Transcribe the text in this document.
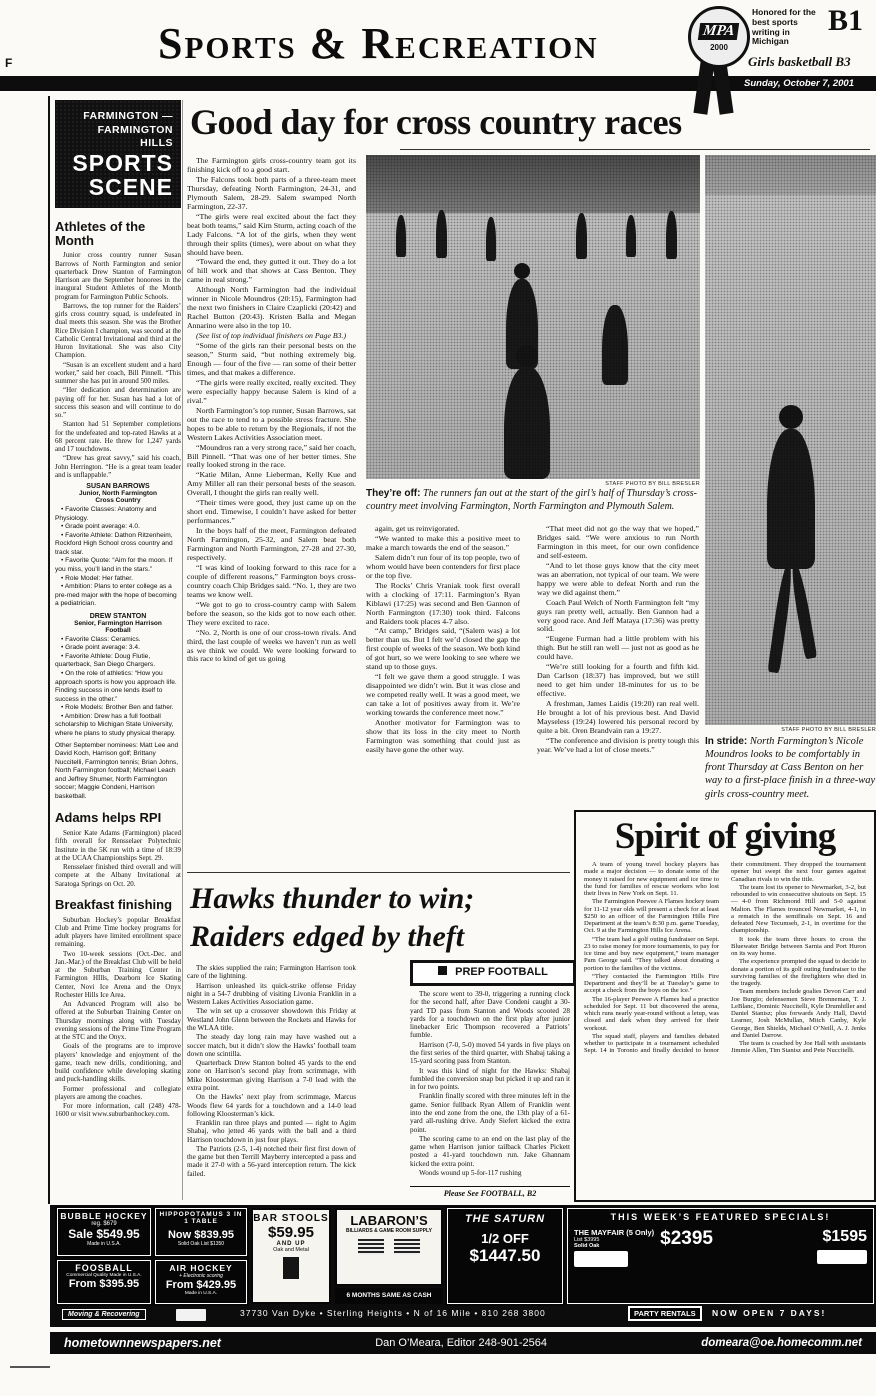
F	Sports & Recreation	MPA
2000
Honored for the best sports writing in Michigan
B1
Girls basketball B3
Sunday, October 7, 2001
FARMINGTON —
FARMINGTON HILLS
SPORTS
SCENE
Athletes of the Month

Junior cross country runner Susan Barrows of North Farmington and senior quarterback Drew Stanton of Farmington Harrison are the September honorees in the inaugural Student Athletes of the Month program for Farmington Public Schools.

Barrows, the top runner for the Raiders’ girls cross country squad, is undefeated in dual meets this season. She was the Brother Rice Division I champion, was second at the Catholic Central Invitational and third at the Huron Invitational. She was also City Champion.

“Susan is an excellent student and a hard worker,” said her coach, Bill Pinnell. “This summer she has put in around 500 miles.

“Her dedication and determination are paying off for her. Susan has had a lot of success this season and will continue to do so.”

Stanton had 51 September completions for the undefeated and top-rated Hawks at a 68 percent rate. He threw for 1,247 yards and 17 touchdowns.

“Drew has great savvy,” said his coach, John Herrington. “He is a great team leader and is unflappable.”

SUSAN BARROWS
Junior, North Farmington
Cross Country

• Favorite Classes: Anatomy and Physiology.

• Grade point average: 4.0.

• Favorite Athlete: Dathon Ritzenheim, Rockford High School cross country and track star.

• Favorite Quote: “Aim for the moon. If you miss, you’ll land in the stars.”

• Role Model: Her father.

• Ambition: Plans to enter college as a pre-med major with the hope of becoming a pediatrician.

DREW STANTON
Senior, Farmington Harrison
Football

• Favorite Class: Ceramics.

• Grade point average: 3.4.

• Favorite Athlete: Doug Flutie, quarterback, San Diego Chargers.

• On the role of athletics: “How you approach sports is how you approach life. Finding success in one lends itself to success in the other.”

• Role Models: Brother Ben and father.

• Ambition: Drew has a full football scholarship to Michigan State University, where he plans to study physical therapy.

Other September nominees: Matt Lee and David Koch, Harrison golf; Brittany Nuccitelli, Farmington tennis; Brian Johns, North Farmington football; Michael Leach and Jeffrey Shumer, North Farmington soccer; Maggie Condeni, Harrison basketball.
Adams helps RPI

Senior Kate Adams (Farmington) placed fifth overall for Rensselaer Polytechnic Institute in the 5K run with a time of 18:39 at the UCAA Championships Sept. 29.

Rensselaer finished third overall and will compete at the Albany Invitational at Saratoga Springs on Oct. 20.

Breakfast finishing

Suburban Hockey’s popular Breakfast Club and Prime Time hockey programs for adult players have limited enrollment space remaining.

Two 10-week sessions (Oct.-Dec. and Jan.-Mar.) of the Breakfast Club will be held at the Suburban Training Center in Farmington HIlls, Dearborn Ice Skating Center, Novi Ice Arena and the Onyx Rochester Hills Ice Area.

An Advanced Program will also be offered at the Suburban Training Center on Thursday mornings along with Tuesday evening sessions of the Prime Time Program at the STC and the Onyx.

Goals of the programs are to improve players’ knowledge and enjoyment of the game, teach new drills, conditioning, and build confidence while developing skating and puck-handling skills.

Former professional and collegiate players are among the coaches.

For more information, call (248) 478-1600 or visit www.suburbanhockey.com.

Good day for cross country races

The Farmington girls cross-country team got its finishing kick off to a good start.

The Falcons took both parts of a three-team meet Thursday, defeating North Farmington, 24-31, and Plymouth Salem, 28-29. Salem swamped North Farmington, 22-37.

“The girls were real excited about the fact they beat both teams,” said Kim Sturm, acting coach of the Lady Falcons. “A lot of the girls, when they went through their splits (times), were about on what they should have been.

“Toward the end, they gutted it out. They do a lot of hill work and that shows at Cass Benton. They came in real strong.”

Although North Farmington had the individual winner in Nicole Moundros (20:15), Farmington had the next two finishers in Claire Czaplicki (20:42) and Rachel Button (20:43). Kristen Balla and Megan Annarino were also in the top 10.

(See list of top individual finishers on Page B3.)

“Some of the girls ran their personal bests on the season,” Sturm said, “but nothing extremely big. Enough — four of the five — ran some of their better times, and that makes a difference.

“The girls were really excited, really excited. They were especially happy because Salem is kind of a rival.”

North Farmington’s top runner, Susan Barrows, sat out the race to tend to a possible stress fracture. She hopes to be able to return by the Regionals, if not the Western Lakes Activities Association meet.

“Moundros ran a very strong race,” said her coach, Bill Pinnell. “That was one of her better times. She really looked strong in the race.

“Katie Milan, Anne Lieberman, Kelly Kue and Amy Miller all ran their personal bests of the season. Overall, I thought the girls ran really well.

“Their times were good, they just came up on the short end. Timewise, I couldn’t have asked for better performances.”

In the boys half of the meet, Farmington defeated North Farmington, 25-32, and Salem beat both Farmington and North Farmington, 27-28 and 27-30, respectively.

“I was kind of looking forward to this race for a couple of different reasons,” Farmington boys cross-country coach Chip Bridges said. “No. 1, they are two teams we know well.

“We got to go to cross-country camp with Salem before the season, so the kids got to now each other. They were excited to race.

“No. 2, North is one of our cross-town rivals. And third, the last couple of weeks we haven’t run as well as we think we could. We were looking forward to this race to kind of get us going

STAFF PHOTO BY BILL BRESLER
They’re off: The runners fan out at the start of the girl’s half of Thursday’s cross-country meet involving Farmington, North Farmington and Plymouth Salem.

again, get us reinvigorated.

“We wanted to make this a positive meet to make a march towards the end of the season.”

Salem didn’t run four of its top people, two of whom would have been contenders for first place or the top five.

The Rocks’ Chris Vraniak took first overall with a clocking of 17:11. Farmington’s Ryan Kiblawi (17:25) was second and Ben Gannon of North Farmington (17:30) took third. Falcons and Raiders took places 4-7 also.

“At camp,” Bridges said, “(Salem was) a lot better than us. But I felt we’d closed the gap the first couple of weeks of the season. We both kind of got hurt, so we were looking to see where we stand up to those guys.

“I felt we gave them a good struggle. I was disappointed we didn’t win. But it was close and we competed really well. It was a good meet, we can take a lot of positives away from it. We’re working towards the conference meet now.”

Another motivator for Farmington was to show that its loss in the city meet to North Farmington was something that could just as easily have gone the other way.

“That meet did not go the way that we hoped,” Bridges said. “We were anxious to run North Farmington in this meet, for our own confidence and self-esteem.

“And to let those guys know that the city meet was an aberration, not typical of our team. We were happy we were able to defeat North and run the way we did against them.”

Coach Paul Welch of North Farmington felt “my guys ran pretty well, actually. Ben Gannon had a very good race. And Jeff Mataya (17:36) was pretty solid.

“Eugene Furman had a little problem with his thigh. But he still ran well — just not as good as he could have.

“We’re still looking for a fourth and fifth kid. Dan Carlson (18:37) has improved, but we still need to get him under 18-minutes for us to be effective.

A freshman, James Laidis (19:20) ran real well. He brought a lot of his previous best. And David Mayseless (19:24) lowered his personal record by quite a bit. Oren Brandvain ran a 19:27.

“The conference and division is pretty tough this year. We’ve had a lot of close meets.”

STAFF PHOTO BY BILL BRESLER
In stride: North Farmington’s Nicole Moundros looks to be comfortably in front Thursday at Cass Benton on her way to a first-place finish in a three-way girls cross-country meet.
Hawks thunder to win;
Raiders edged by theft

The skies supplied the rain; Farmington Harrison took care of the lightning.

Harrison unleashed its quick-strike offense Friday night in a 54-7 drubbing of visiting Livonia Franklin in a Western Lakes Activities Association game.

The win set up a crossover showdown this Friday at Westland John Glenn between the Rockets and Hawks for the WLAA title.

The steady day long rain may have washed out a soccer match, but it didn’t slow the Hawks’ football team down one scintilla.

Quarterback Drew Stanton bolted 45 yards to the end zone on Harrison’s second play from scrimmage, with Mike Kloosterman giving Harrison a 7-0 lead with the extra point.

On the Hawks’ next play from scrimmage, Marcus Woods flew 64 yards for a touchdown and a 14-0 lead following Kloosterman’s kick.

Franklin ran three plays and punted — right to Agim Shabaj, who jetted 46 yards with the ball and a third Harrison touchdown in just four plays.

The Patriots (2-5, 1-4) notched their first first down of the game but then Terrill Mayberry intercepted a pass and made it 27-0 with a 56-yard interception return. The kick failed.

PREP FOOTBALL

The score went to 39-0, triggering a running clock for the second half, after Dave Condeni caught a 30-yard TD pass from Stanton and Woods scooted 28 yards for a touchdown on the first play after junior linebacker Eric Thompson recovered a Patriots’ fumble.

Harrison (7-0, 5-0) moved 54 yards in five plays on the first series of the third quarter, with Shabaj taking a 15-yard scoring pass from Stanton.

It was this kind of night for the Hawks: Shabaj fumbled the conversion snap but picked it up and ran it in for two points.

Franklin finally scored with three minutes left in the game. Senior fullback Ryan Allem of Franklin went into the end zone from the one, the 13th play of a 61-yard all-rushing drive. Andy Siefert kicked the extra point.

The scoring came to an end on the last play of the game when Harrison junior tailback Charles Pickett posted a 41-yard touchdown run. Jake Ghannam kicked the extra point.

Woods wound up 5-for-117 rushing

Please See FOOTBALL, B2
Spirit of giving

A team of young travel hockey players has made a major decision — to donate some of the money it raised for new equipment and ice time to the fund for families of rescue workers who lost their lives in New York on Sept. 11.

The Farmington Peewee A Flames hockey team for 11-12 year olds will present a check for at least $250 to an officer of the Farmington Hills Fire Department at the team’s 8:30 p.m. game Tuesday, Oct. 9 at the Farmington Hills Ice Arena.

“The team had a golf outing fundraiser on Sept. 23 to raise money for more tournaments, to pay for ice time and buy new equipment,” team manager Pam George said. “They talked about donating a portion to the families of the victims.

“They contacted the Farmington Hills Fire Department and they’ll be at Tuesday’s game to accept a check from the boys on the ice.”

The 16-player Peewee A Flames had a practice scheduled for Sept. 11 but discovered the arena, which runs nearly year-round without a letup, was closed and dark when they arrived for their workout.

The squad staff, players and families debated whether to participate in a tournament scheduled Sept. 14 in Toronto and finally decided to honor their commitment. They dropped the tournament opener but swept the next four games against Canadian rivals to win the title.

The team lost its opener to Newmarket, 3-2, but rebounded to win consecutive shutouts on Sept. 15 — 4-0 from Richmond Hill and 5-0 against Malton. The Flames trounced Newmarket, 4-1, in a rematch in the semifinals on Sept. 16 and defeated New Tecumseh, 2-1, in overtime for the championship.

It took the team three hours to cross the Bluewater Bridge between Sarnia and Port Huron on its way home.

The experience prompted the squad to decide to donate a portion of its golf outing fundraiser to the surviving families of the firefighters who died in the tragedy.

Team members include goalies Devon Carr and Joe Burgio; defensemen Steve Brenneman, T. J. LeBlanc, Dominic Nuccitelli, Kyle Drumhiller and Daniel Stanisz; plus forwards Andy Hall, David Learner, Josh McMullan, Mitch Canby, Kyle George, Ben Shields, Michael O’Neill, A. J. Jenks and Daniel Darrow.

The team is coached by Joe Hall with assistants Jimmie Allen, Tim Stanisz and Pete Nuccitelli.

BUBBLE HOCKEY
reg. $679
Sale $549.95
Made in U.S.A.
HIPPOPOTAMUS 3 IN 1 TABLE
Now $839.95
Solid Oak List $1350
FOOSBALL
Commercial Quality Made in U.S.A.
From $395.95
AIR HOCKEY
+ Electronic scoring
From $429.95
Made in U.S.A.
BAR STOOLS
$59.95
AND UP
Oak and Metal
LABARON’S
BILLIARDS & GAME ROOM SUPPLY
6 MONTHS SAME AS CASH
THE SATURN
1/2 OFF
$1447.50
THIS WEEK’S FEATURED SPECIALS!
THE MAYFAIR (5 Only)
List $3995
Solid Oak	$2395	$1595
Moving & Recovering	37730 Van Dyke • Sterling Heights • N of 16 Mile • 810 268 3800	PARTY RENTALS	NOW OPEN 7 DAYS!
hometownnewspapers.net	Dan O’Meara, Editor 248-901-2564	domeara@oe.homecomm.net
